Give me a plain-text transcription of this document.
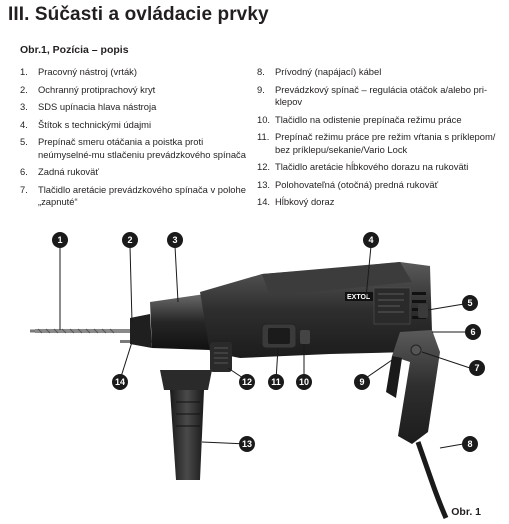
III. Súčasti a ovládacie prvky
Obr.1, Pozícia – popis
1.	Pracovný nástroj (vrták)
2.	Ochranný protiprachový kryt
3.	SDS upínacia hlava nástroja
4.	Štítok s technickými údajmi
5.	Prepínač smeru otáčania a poistka proti neúmyselné-mu stlačeniu prevádzkového spínača
6.	Zadná rukoväť
7.	Tlačidlo aretácie prevádzkového spínača v polohe „zapnuté“
8.	Prívodný (napájací) kábel
9.	Prevádzkový spínač – regulácia otáčok a/alebo pri-klepov
10. Tlačidlo na odistenie prepínača režimu práce
11. Prepínač režimu práce pre režim vŕtania s príklepom/ bez príklepu/sekanie/Vario Lock
12. Tlačidlo aretácie hĺbkového dorazu na rukoväti
13. Polohovateľná (otočná) predná rukoväť
14. Hĺbkový doraz
EXTOL
1	2	3	4
5
6
7
8
9
10
11
12
13
14
Obr. 1
